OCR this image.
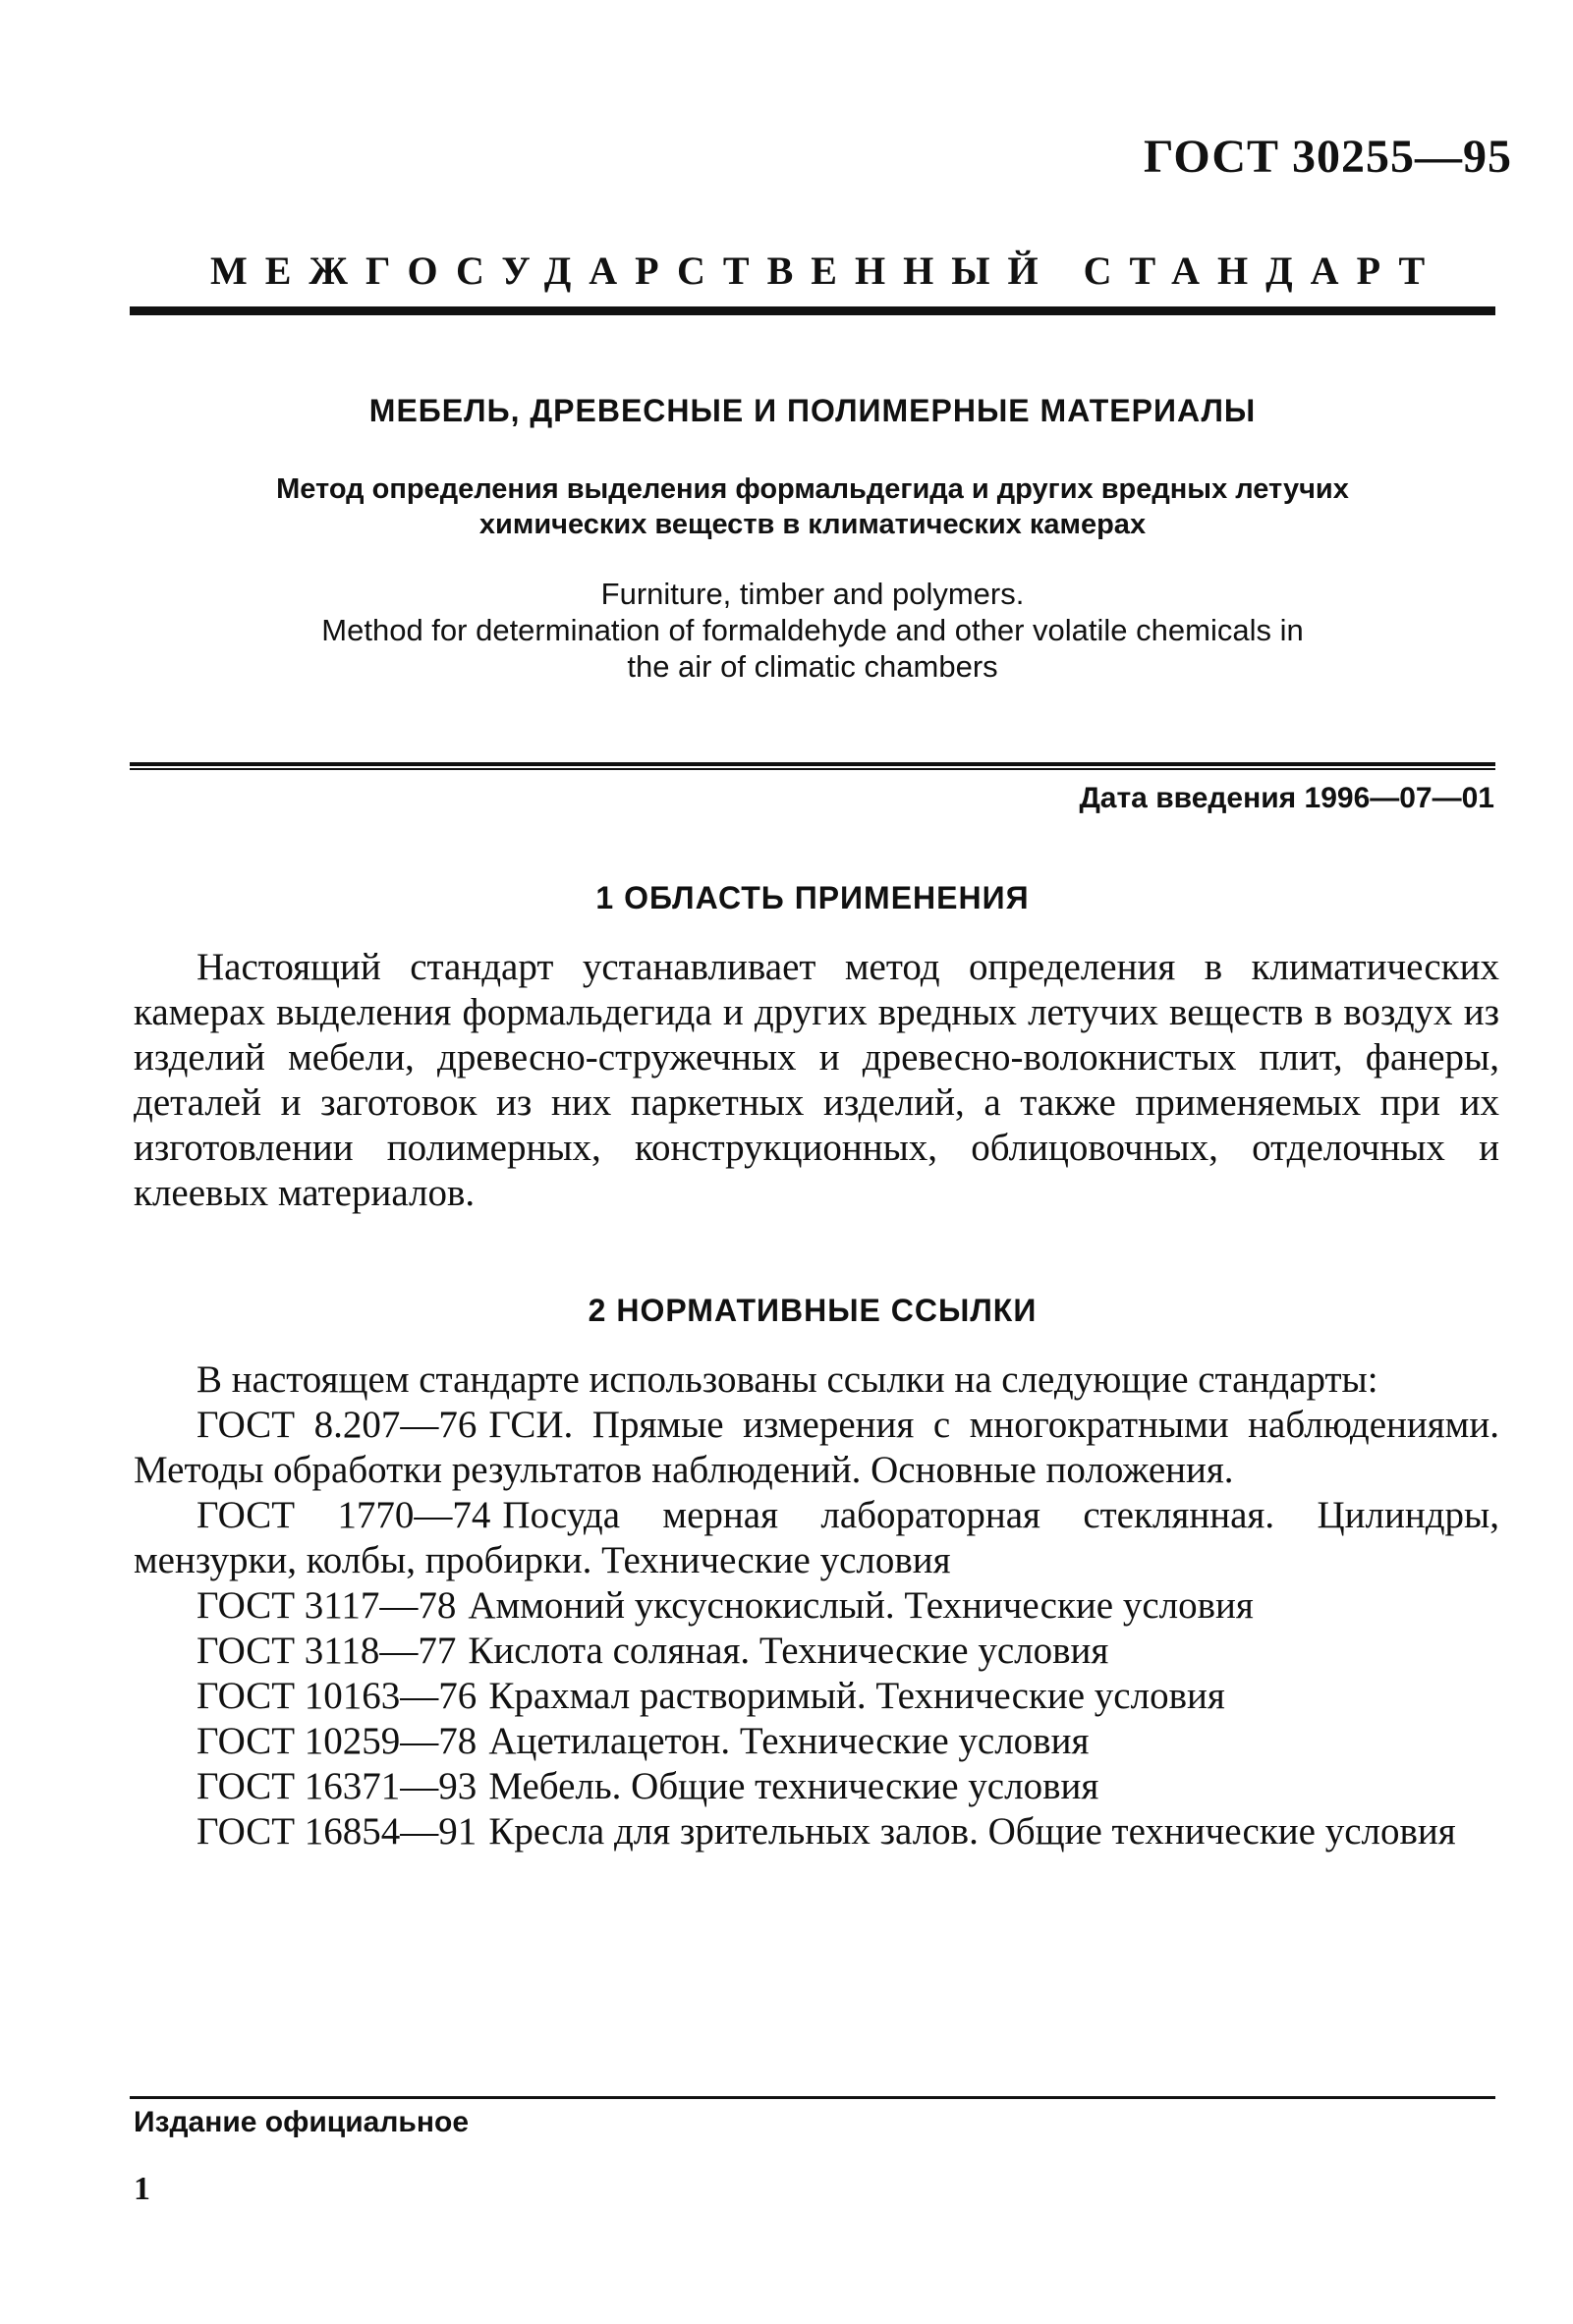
ГОСТ 30255—95
МЕЖГОСУДАРСТВЕННЫЙ СТАНДАРТ
МЕБЕЛЬ, ДРЕВЕСНЫЕ И ПОЛИМЕРНЫЕ МАТЕРИАЛЫ
Метод определения выделения формальдегида и других вредных летучих
химических веществ в климатических камерах
Furniture, timber and polymers.
Method for determination of formaldehyde and other volatile chemicals in
the air of climatic chambers
Дата введения 1996—07—01
1 ОБЛАСТЬ ПРИМЕНЕНИЯ

Настоящий стандарт устанавливает метод определения в климатических камерах выделения формальдегида и других вредных летучих веществ в воздух из изделий мебели, древесно-стружечных и древесно-волокнистых плит, фанеры, деталей и заготовок из них паркетных изделий, а также применяемых при их изготовлении полимерных, конструкционных, облицовочных, отделочных и клеевых материалов.

2 НОРМАТИВНЫЕ ССЫЛКИ

В настоящем стандарте использованы ссылки на следующие стандарты:

ГОСТ 8.207—76 ГСИ. Прямые измерения с многократными наблюдениями. Методы обработки результатов наблюдений. Основные положения.

ГОСТ 1770—74 Посуда мерная лабораторная стеклянная. Цилиндры, мензурки, колбы, пробирки. Технические условия

ГОСТ 3117—78 Аммоний уксуснокислый. Технические условия

ГОСТ 3118—77 Кислота соляная. Технические условия

ГОСТ 10163—76 Крахмал растворимый. Технические условия

ГОСТ 10259—78 Ацетилацетон. Технические условия

ГОСТ 16371—93 Мебель. Общие технические условия

ГОСТ 16854—91 Кресла для зрительных залов. Общие технические условия

Издание официальное
1
